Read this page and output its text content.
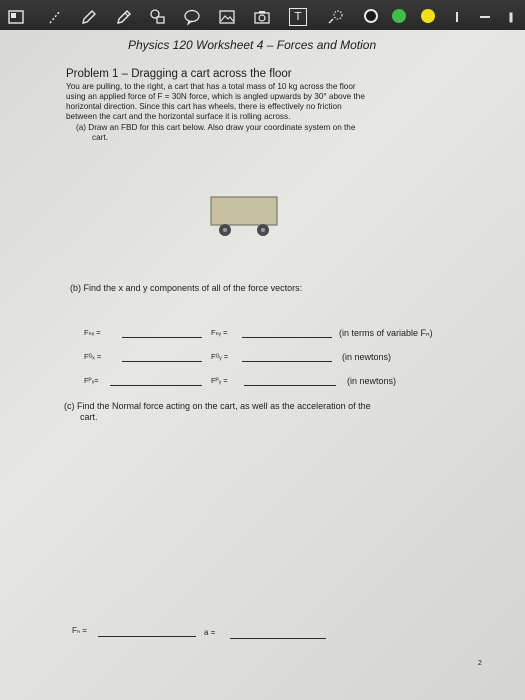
T
Physics 120 Worksheet 4 – Forces and Motion
Problem 1 – Dragging a cart across the floor
You are pulling, to the right, a cart that has a total mass of 10 kg across the floor
using an applied force of F = 30N force, which is angled upwards by 30° above the
horizontal direction. Since this cart has wheels, there is effectively no friction
between the cart and the horizontal surface it is rolling across.
(a) Draw an FBD for this cart below. Also draw your coordinate system on the
cart.
(b) Find the x and y components of all of the force vectors:
Fₙₓ =	Fₙᵧ =	(in terms of variable Fₙ)
Fᴳₓ =	Fᴳᵧ =	(in newtons)
Fᴾₓ=	Fᴾᵧ =	(in newtons)
(c) Find the Normal force acting on the cart, as well as the acceleration of the
cart.
Fₙ =	a =
2
